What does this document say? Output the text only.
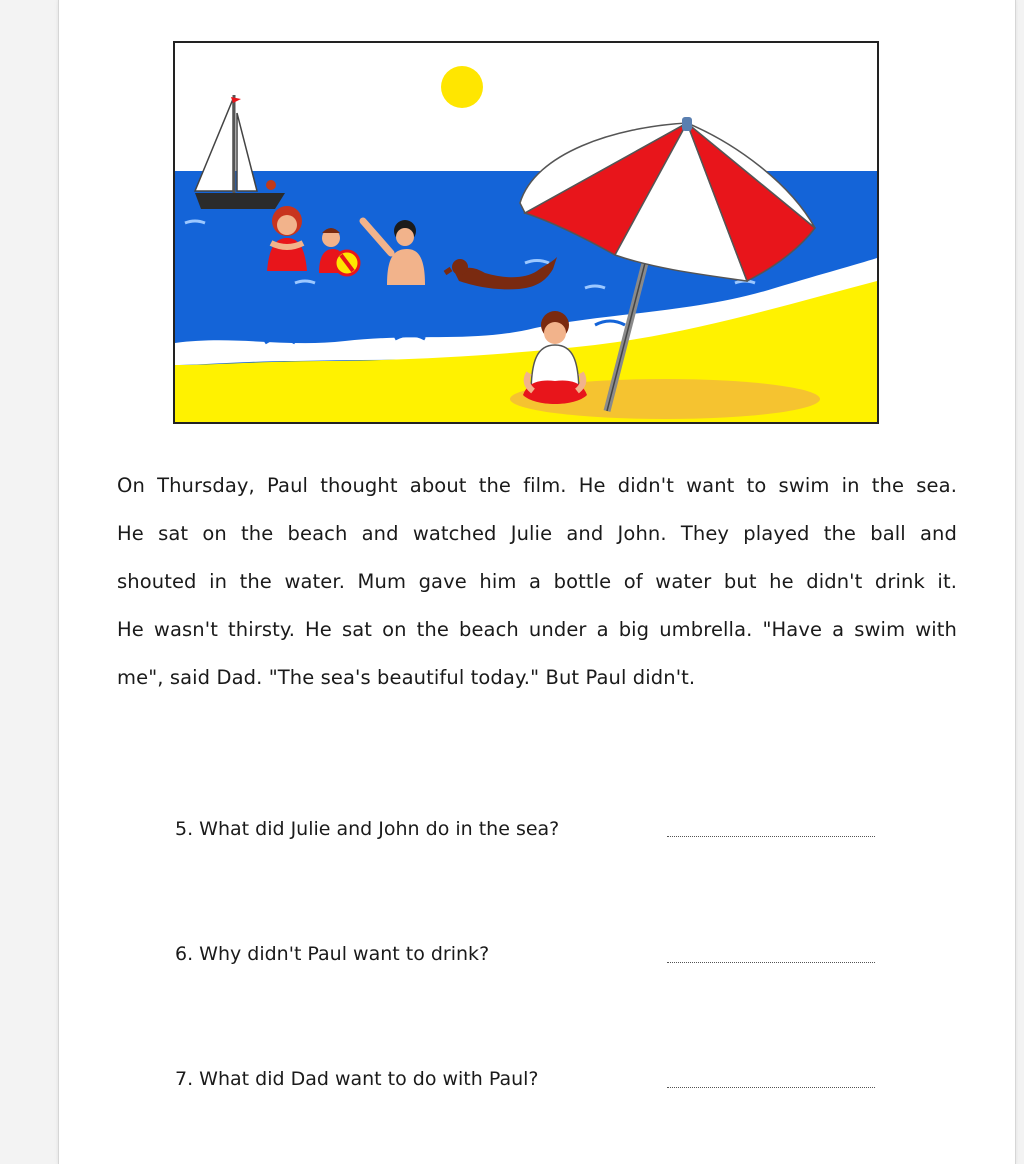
On Thursday, Paul thought about the film. He didn't want to swim in the sea.
He sat on the beach and watched Julie and John. They played the ball and
shouted in the water. Mum gave him a bottle of water but he didn't drink it.
He wasn't thirsty. He sat on the beach under a big umbrella. "Have a swim with
me", said Dad. "The sea's beautiful today." But Paul didn't.
5. What did Julie and John do in the sea?
6. Why didn't Paul want to drink?
7. What did Dad want to do with Paul?
